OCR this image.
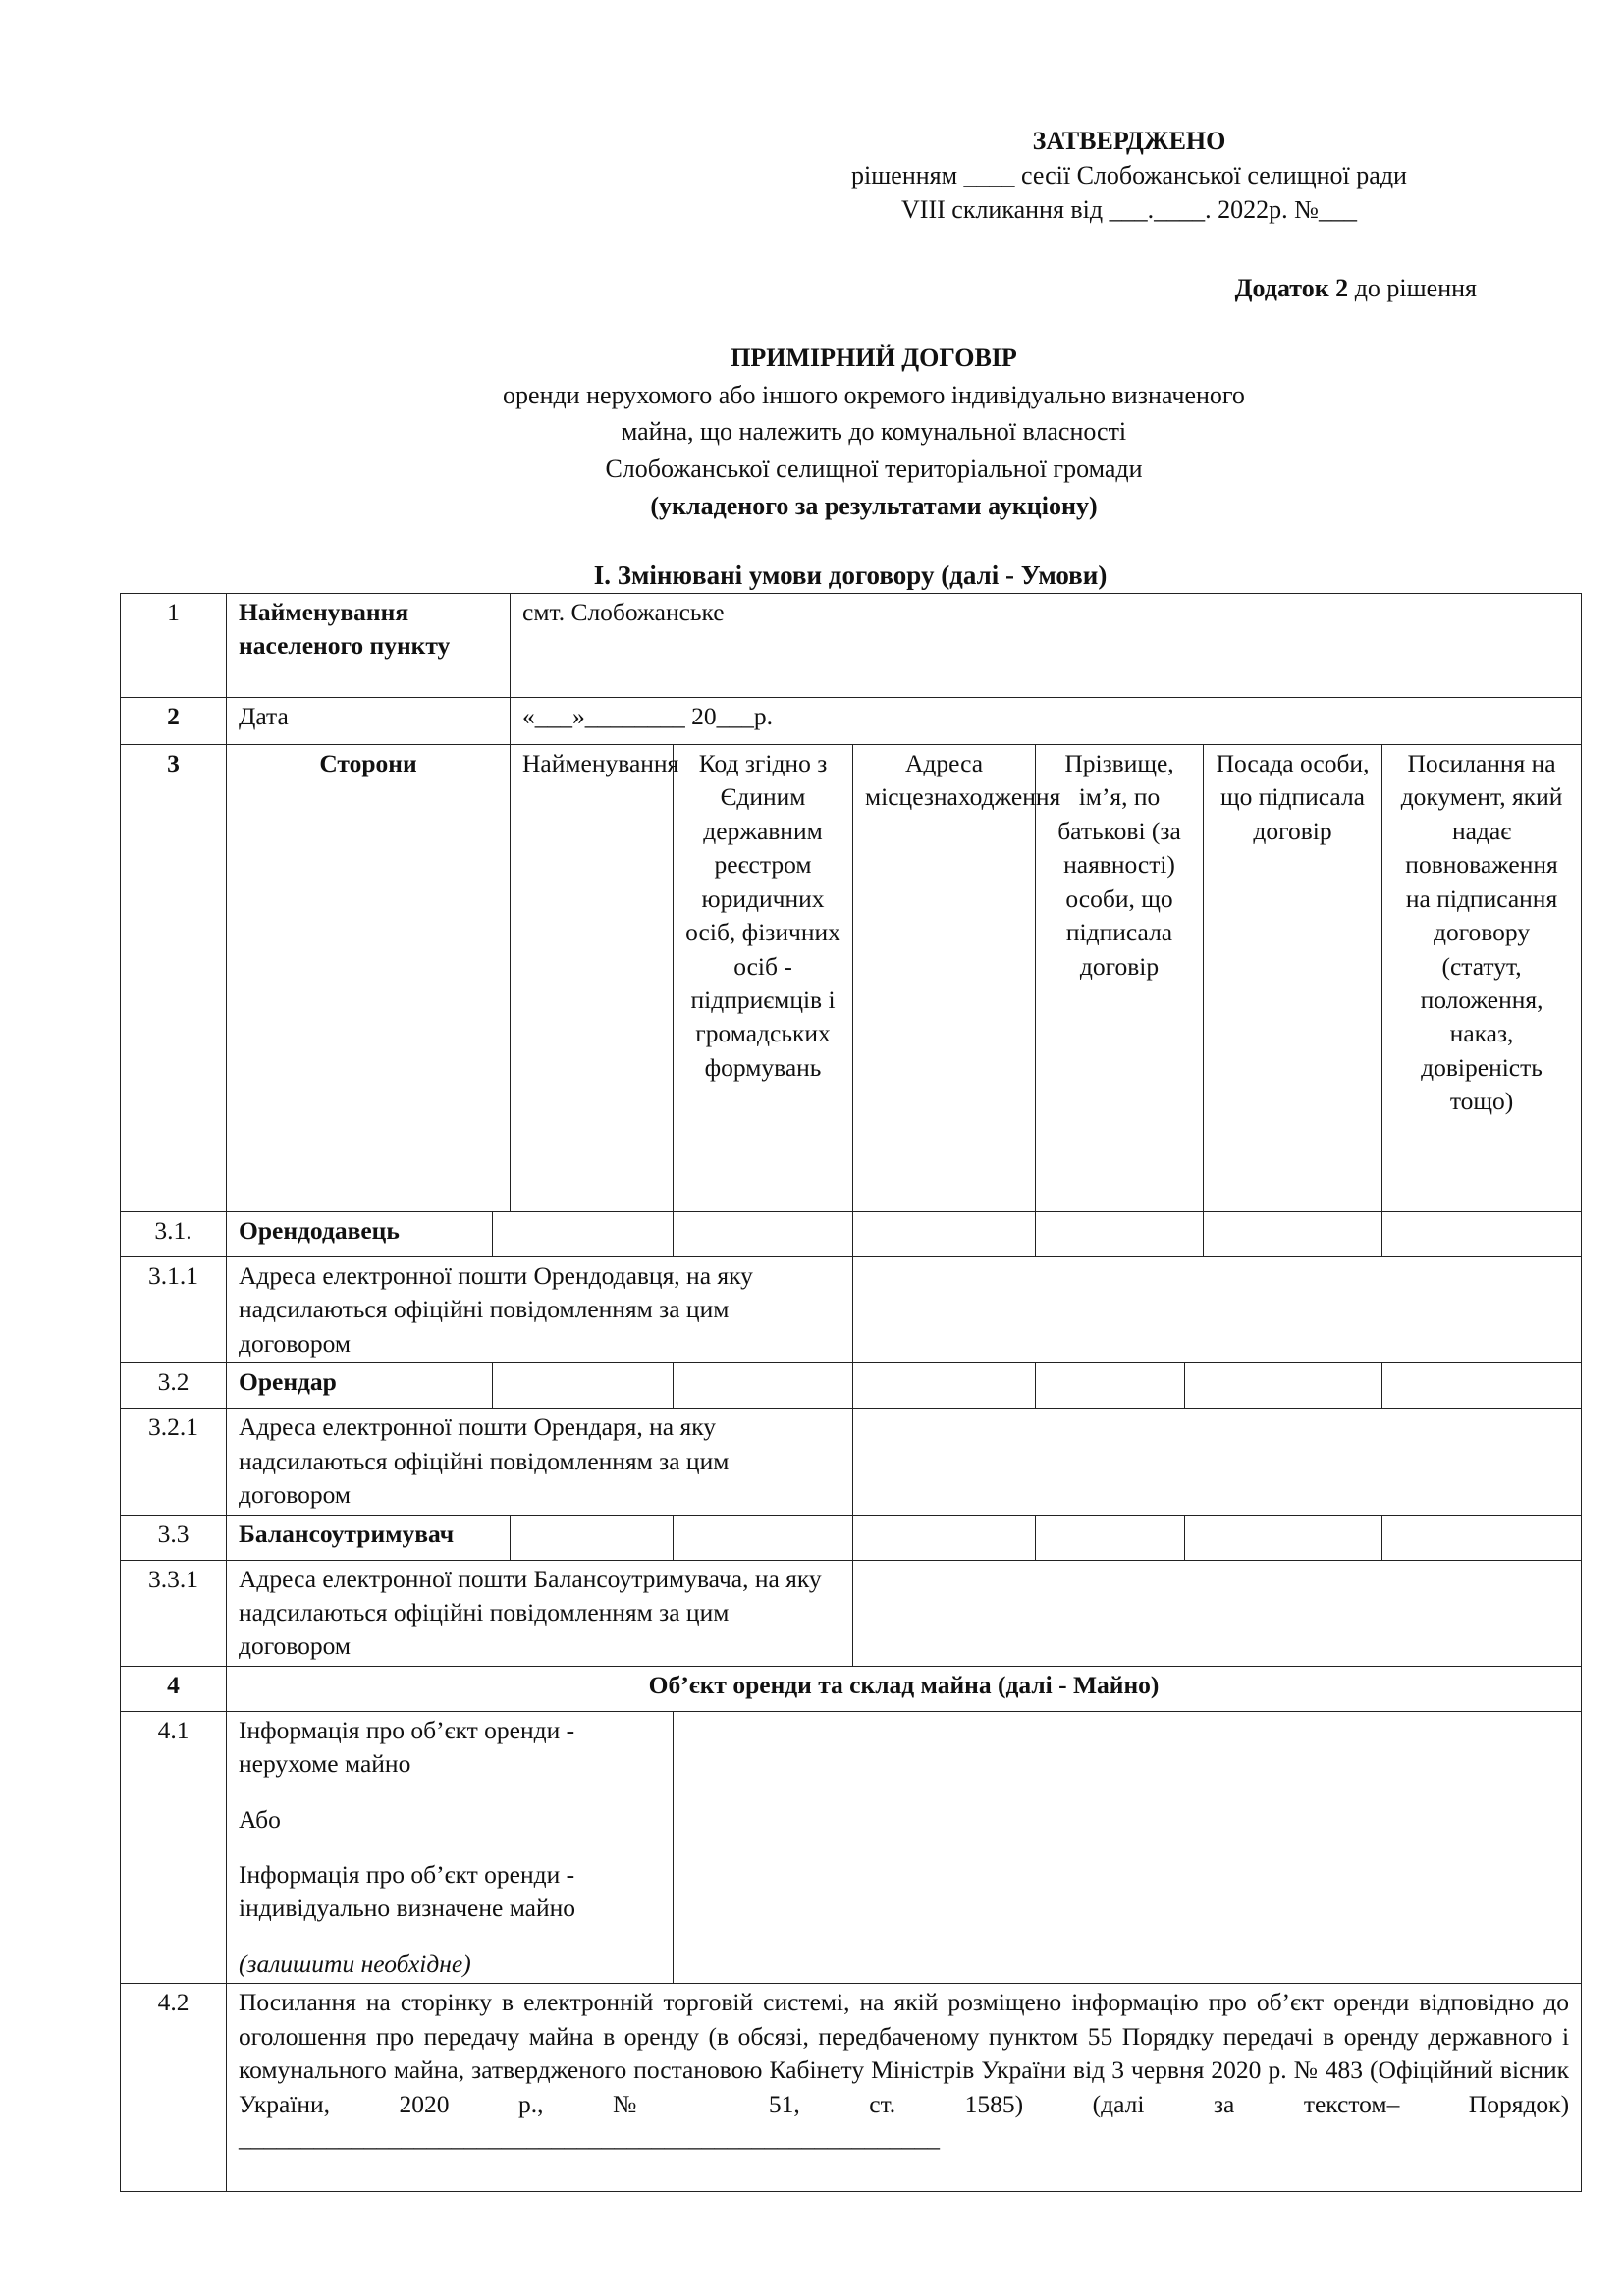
ЗАТВЕРДЖЕНО
рішенням ____ сесії Слобожанської селищної ради
VIII скликання від ___.____. 2022р. №___
Додаток 2 до рішення
ПРИМІРНИЙ ДОГОВІР
оренди нерухомого або іншого окремого індивідуально визначеного
майна, що належить до комунальної власності
Слобожанської селищної територіальної громади
(укладеного за результатами аукціону)
І. Змінювані умови договору (далі - Умови)
1	Найменування населеного пункту		смт. Слобожанське						
2	Дата		«___»________ 20___р.						
3	Сторони		Найменування	Код згідно з Єдиним державним реєстром юридичних осіб, фізичних осіб - підприємців і громадських формувань	Адреса місцезнаходження	Прізвище, ім’я, по батькові (за наявності) особи, що підписала договір		Посада особи, що підписала договір	Посилання на документ, який надає повноваження на підписання договору (статут, положення, наказ, довіреність тощо)
3.1.	Орендодавець								
3.1.1	Адреса електронної пошти Орендодавця, на яку надсилаються офіційні повідомленням за цим договором								
3.2	Орендар								
3.2.1	Адреса електронної пошти Орендаря, на яку надсилаються офіційні повідомленням за цим договором								
3.3	Балансоутримувач								
3.3.1	Адреса електронної пошти Балансоутримувача, на яку надсилаються офіційні повідомленням за цим договором								
4	Об’єкт оренди та склад майна (далі - Майно)								
4.1	Інформація про об’єкт оренди - нерухоме майно
Або
Інформація про об’єкт оренди - індивідуально визначене майно
(залишити необхідне)								

4.2	Посилання на сторінку в електронній торговій системі, на якій розміщено інформацію про об’єкт оренди відповідно до оголошення про передачу майна в оренду (в обсязі, передбаченому пунктом 55 Порядку передачі в оренду державного і комунального майна, затвердженого постановою Кабінету Міністрів України від 3 червня 2020 р. № 483 (Офіційний вісник України, 2020 р., № 51, ст. 1585) (далі за текстом– Порядок) ________________________________________________________								
